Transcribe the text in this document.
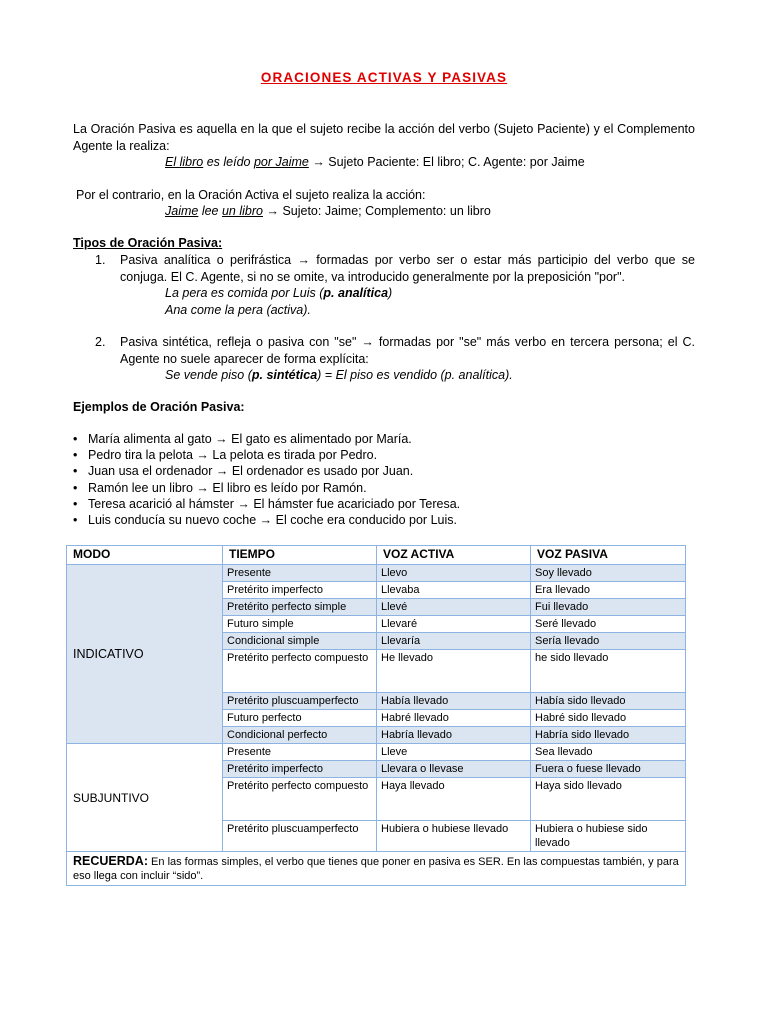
ORACIONES ACTIVAS Y PASIVAS
La Oración Pasiva es aquella en la que el sujeto recibe la acción del verbo (Sujeto Paciente) y el Complemento Agente la realiza:
El libro es leído por Jaime → Sujeto Paciente: El libro; C. Agente: por Jaime
Por el contrario, en la Oración Activa el sujeto realiza la acción:
Jaime lee un libro → Sujeto: Jaime; Complemento: un libro
Tipos de Oración Pasiva:
1. Pasiva analítica o perifrástica → formadas por verbo ser o estar más participio del verbo que se conjuga. El C. Agente, si no se omite, va introducido generalmente por la preposición "por".
La pera es comida por Luis (p. analítica)
Ana come la pera (activa).
2. Pasiva sintética, refleja o pasiva con "se" → formadas por "se" más verbo en tercera persona; el C. Agente no suele aparecer de forma explícita:
Se vende piso (p. sintética) = El piso es vendido (p. analítica).
Ejemplos de Oración Pasiva:
• María alimenta al gato → El gato es alimentado por María.
• Pedro tira la pelota → La pelota es tirada por Pedro.
• Juan usa el ordenador → El ordenador es usado por Juan.
• Ramón lee un libro → El libro es leído por Ramón.
• Teresa acarició al hámster → El hámster fue acariciado por Teresa.
• Luis conducía su nuevo coche → El coche era conducido por Luis.
MODO	TIEMPO	VOZ ACTIVA	VOZ PASIVA
INDICATIVO	Presente	Llevo	Soy llevado
	Pretérito imperfecto	Llevaba	Era llevado
	Pretérito perfecto simple	Llevé	Fui llevado
	Futuro simple	Llevaré	Seré llevado
	Condicional simple	Llevaría	Sería llevado
	Pretérito perfecto compuesto	He llevado	he sido llevado
	Pretérito pluscuamperfecto	Había llevado	Había sido llevado
	Futuro perfecto	Habré llevado	Habré sido llevado
	Condicional perfecto	Habría llevado	Habría sido llevado
SUBJUNTIVO	Presente	Lleve	Sea llevado
	Pretérito imperfecto	Llevara o llevase	Fuera o fuese llevado
	Pretérito perfecto compuesto	Haya llevado	Haya sido llevado
	Pretérito pluscuamperfecto	Hubiera o hubiese llevado	Hubiera o hubiese sido llevado
RECUERDA: En las formas simples, el verbo que tienes que poner en pasiva es SER. En las compuestas también, y para eso llega con incluir “sido”.			
